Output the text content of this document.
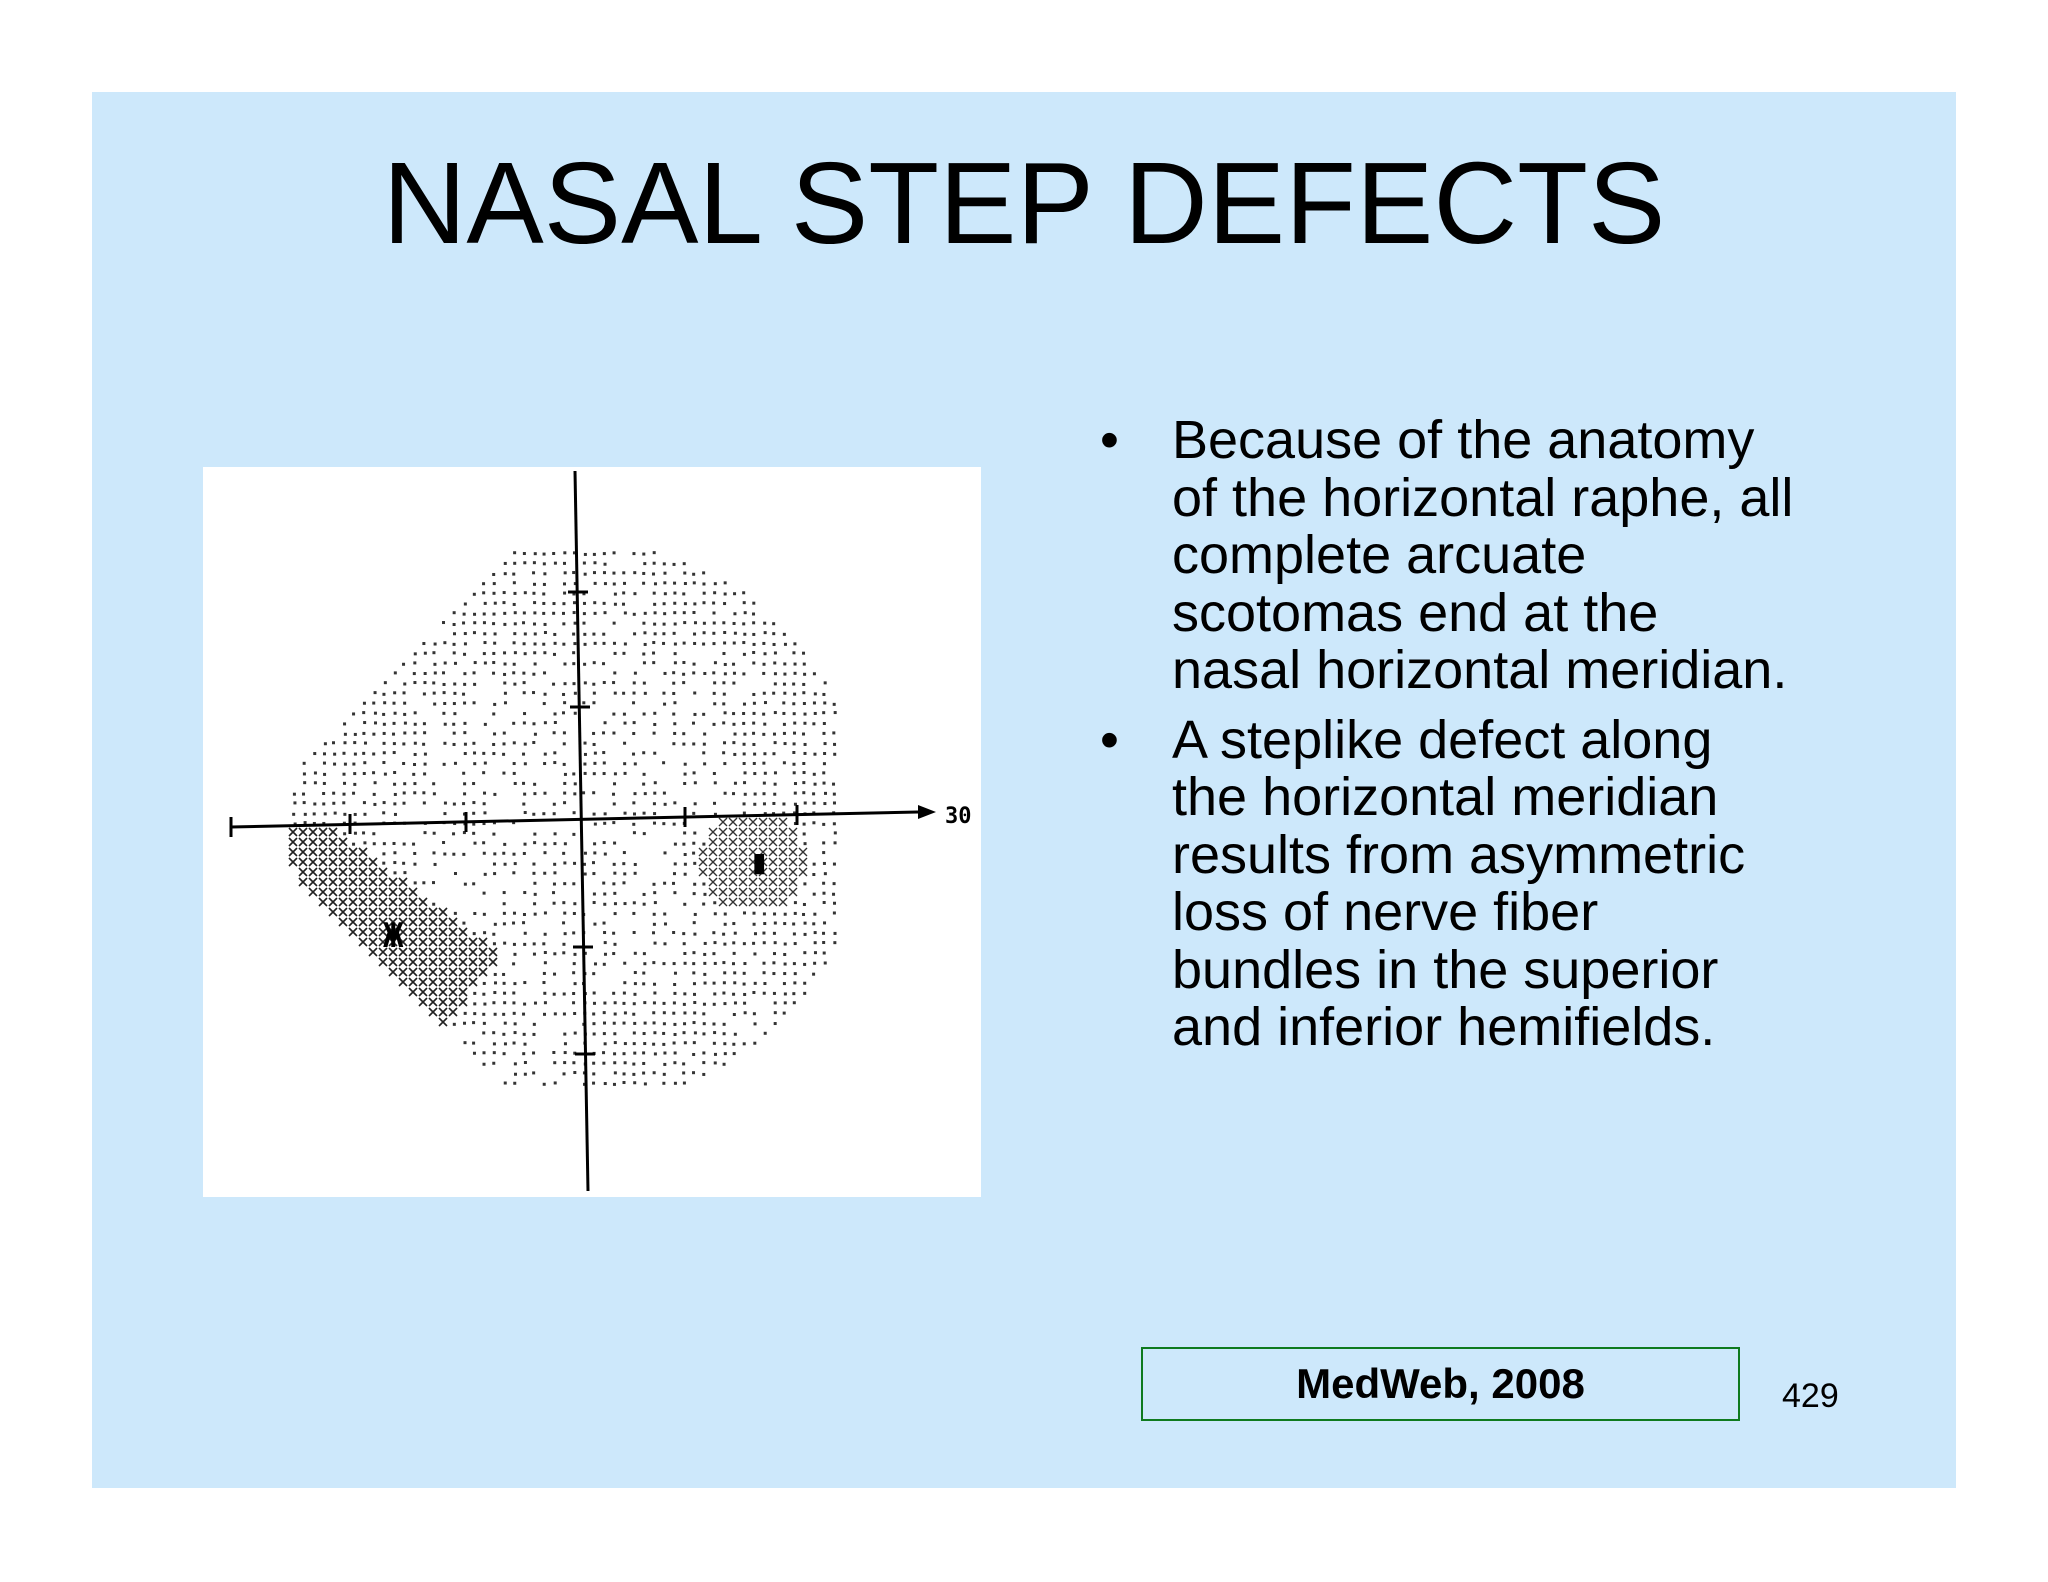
NASAL STEP DEFECTS
30
Ж
▮
• Because of the anatomy of the horizontal raphe, all complete arcuate scotomas end at the nasal horizontal meridian.
• A steplike defect along the horizontal meridian results from asymmetric loss of nerve fiber bundles in the superior and inferior hemifields.
MedWeb, 2008	429
